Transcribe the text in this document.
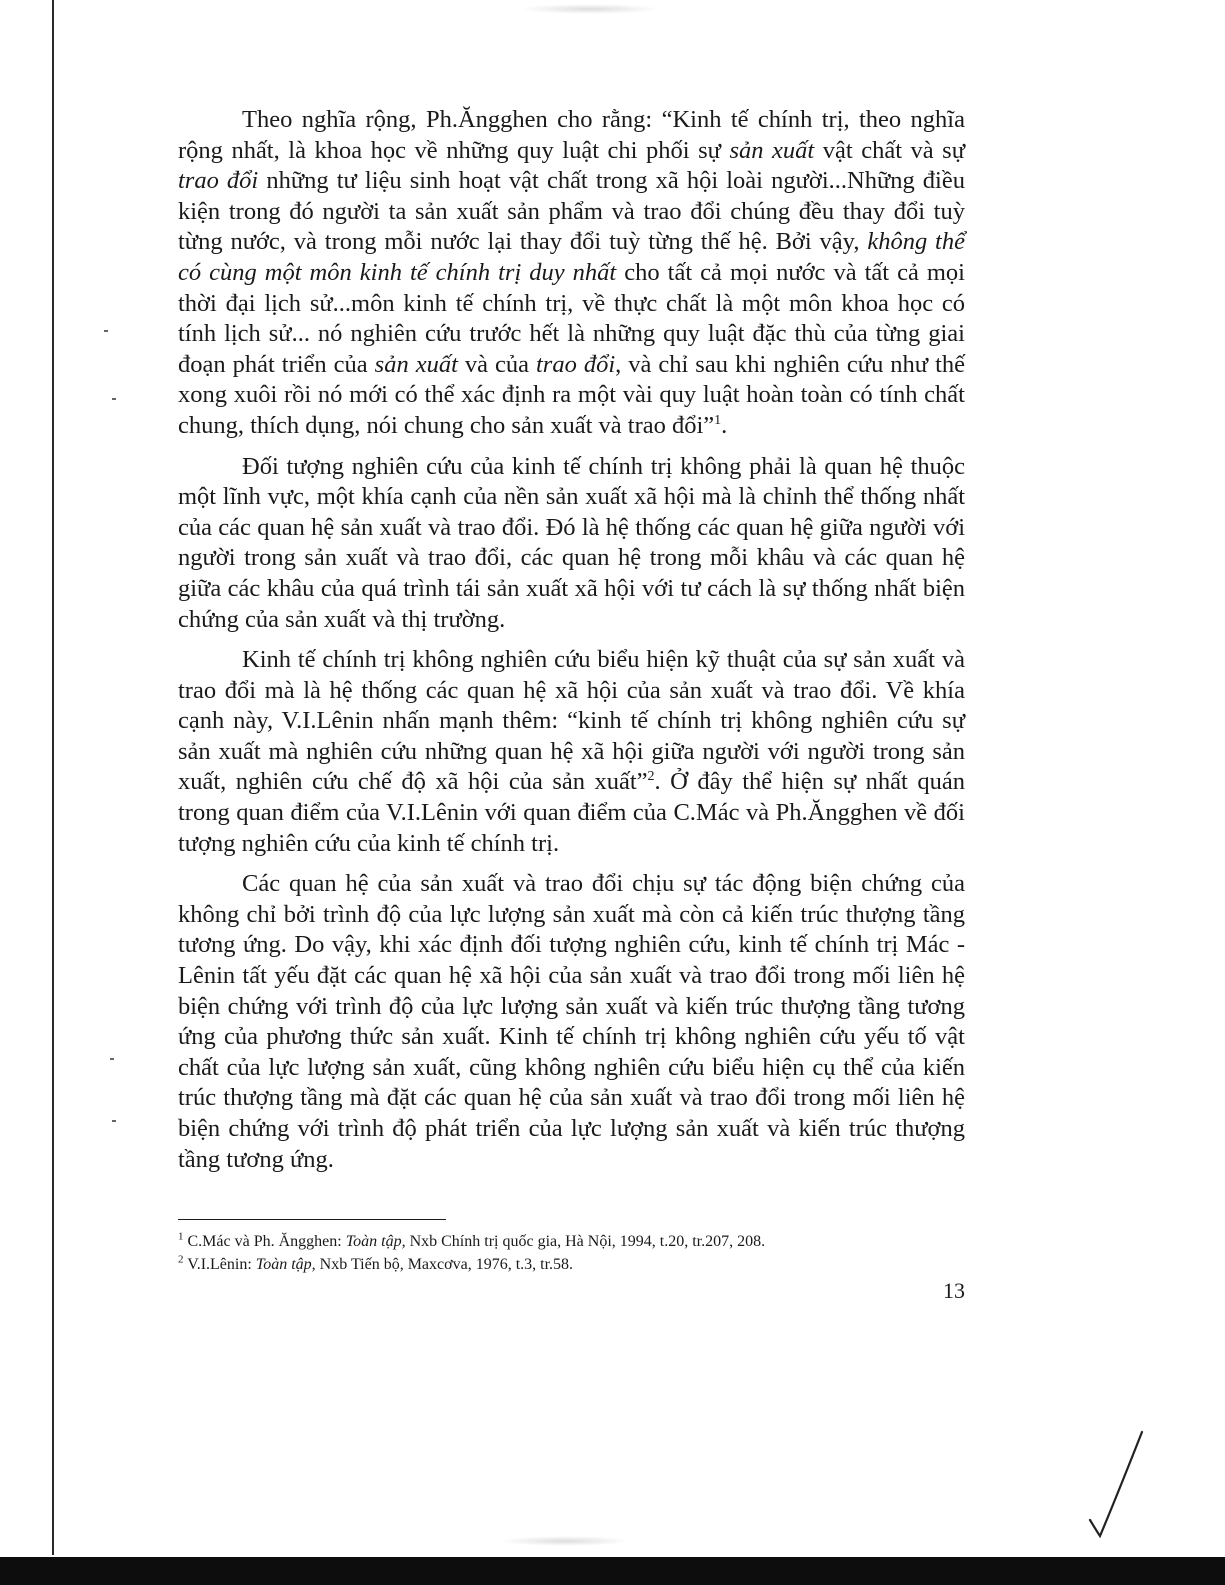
Theo nghĩa rộng, Ph.Ăngghen cho rằng: “Kinh tế chính trị, theo nghĩa rộng nhất, là khoa học về những quy luật chi phối sự sản xuất vật chất và sự trao đổi những tư liệu sinh hoạt vật chất trong xã hội loài người...Những điều kiện trong đó người ta sản xuất sản phẩm và trao đổi chúng đều thay đổi tuỳ từng nước, và trong mỗi nước lại thay đổi tuỳ từng thế hệ. Bởi vậy, không thể có cùng một môn kinh tế chính trị duy nhất cho tất cả mọi nước và tất cả mọi thời đại lịch sử...môn kinh tế chính trị, về thực chất là một môn khoa học có tính lịch sử... nó nghiên cứu trước hết là những quy luật đặc thù của từng giai đoạn phát triển của sản xuất và của trao đổi, và chỉ sau khi nghiên cứu như thế xong xuôi rồi nó mới có thể xác định ra một vài quy luật hoàn toàn có tính chất chung, thích dụng, nói chung cho sản xuất và trao đổi”$^1$.

Đối tượng nghiên cứu của kinh tế chính trị không phải là quan hệ thuộc một lĩnh vực, một khía cạnh của nền sản xuất xã hội mà là chỉnh thể thống nhất của các quan hệ sản xuất và trao đổi. Đó là hệ thống các quan hệ giữa người với người trong sản xuất và trao đổi, các quan hệ trong mỗi khâu và các quan hệ giữa các khâu của quá trình tái sản xuất xã hội với tư cách là sự thống nhất biện chứng của sản xuất và thị trường.

Kinh tế chính trị không nghiên cứu biểu hiện kỹ thuật của sự sản xuất và trao đổi mà là hệ thống các quan hệ xã hội của sản xuất và trao đổi. Về khía cạnh này, V.I.Lênin nhấn mạnh thêm: “kinh tế chính trị không nghiên cứu sự sản xuất mà nghiên cứu những quan hệ xã hội giữa người với người trong sản xuất, nghiên cứu chế độ xã hội của sản xuất”$^2$. Ở đây thể hiện sự nhất quán trong quan điểm của V.I.Lênin với quan điểm của C.Mác và Ph.Ăngghen về đối tượng nghiên cứu của kinh tế chính trị.

Các quan hệ của sản xuất và trao đổi chịu sự tác động biện chứng của không chỉ bởi trình độ của lực lượng sản xuất mà còn cả kiến trúc thượng tầng tương ứng. Do vậy, khi xác định đối tượng nghiên cứu, kinh tế chính trị Mác - Lênin tất yếu đặt các quan hệ xã hội của sản xuất và trao đổi trong mối liên hệ biện chứng với trình độ của lực lượng sản xuất và kiến trúc thượng tầng tương ứng của phương thức sản xuất. Kinh tế chính trị không nghiên cứu yếu tố vật chất của lực lượng sản xuất, cũng không nghiên cứu biểu hiện cụ thể của kiến trúc thượng tầng mà đặt các quan hệ của sản xuất và trao đổi trong mối liên hệ biện chứng với trình độ phát triển của lực lượng sản xuất và kiến trúc thượng tầng tương ứng.

$^1$ C.Mác và Ph. Ăngghen: Toàn tập, Nxb Chính trị quốc gia, Hà Nội, 1994, t.20, tr.207, 208.

$^2$ V.I.Lênin: Toàn tập, Nxb Tiến bộ, Maxcơva, 1976, t.3, tr.58.

13
